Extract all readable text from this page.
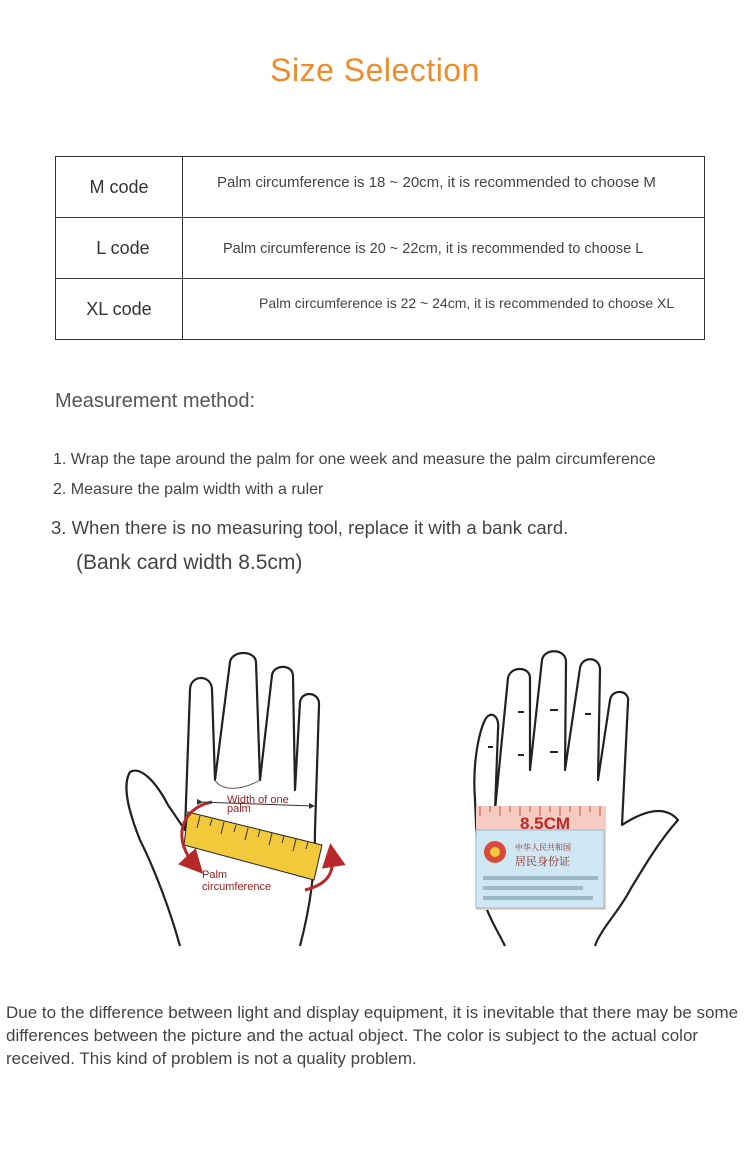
Size Selection
M code	Palm circumference is 18 ~ 20cm, it is recommended to choose M
L code	Palm circumference is 20 ~ 22cm, it is recommended to choose L
XL code	Palm circumference is 22 ~ 24cm, it is recommended to choose XL
Measurement method:
1. Wrap the tape around the palm for one week and measure the palm circumference
2. Measure the palm width with a ruler
3. When there is no measuring tool, replace it with a bank card.
(Bank card width 8.5cm)
Width of one
palm
Palm
circumference
8.5CM
中华人民共和国
居民身份证
Due to the difference between light and display equipment, it is inevitable that there may be some differences between the picture and the actual object. The color is subject to the actual color received. This kind of problem is not a quality problem.
